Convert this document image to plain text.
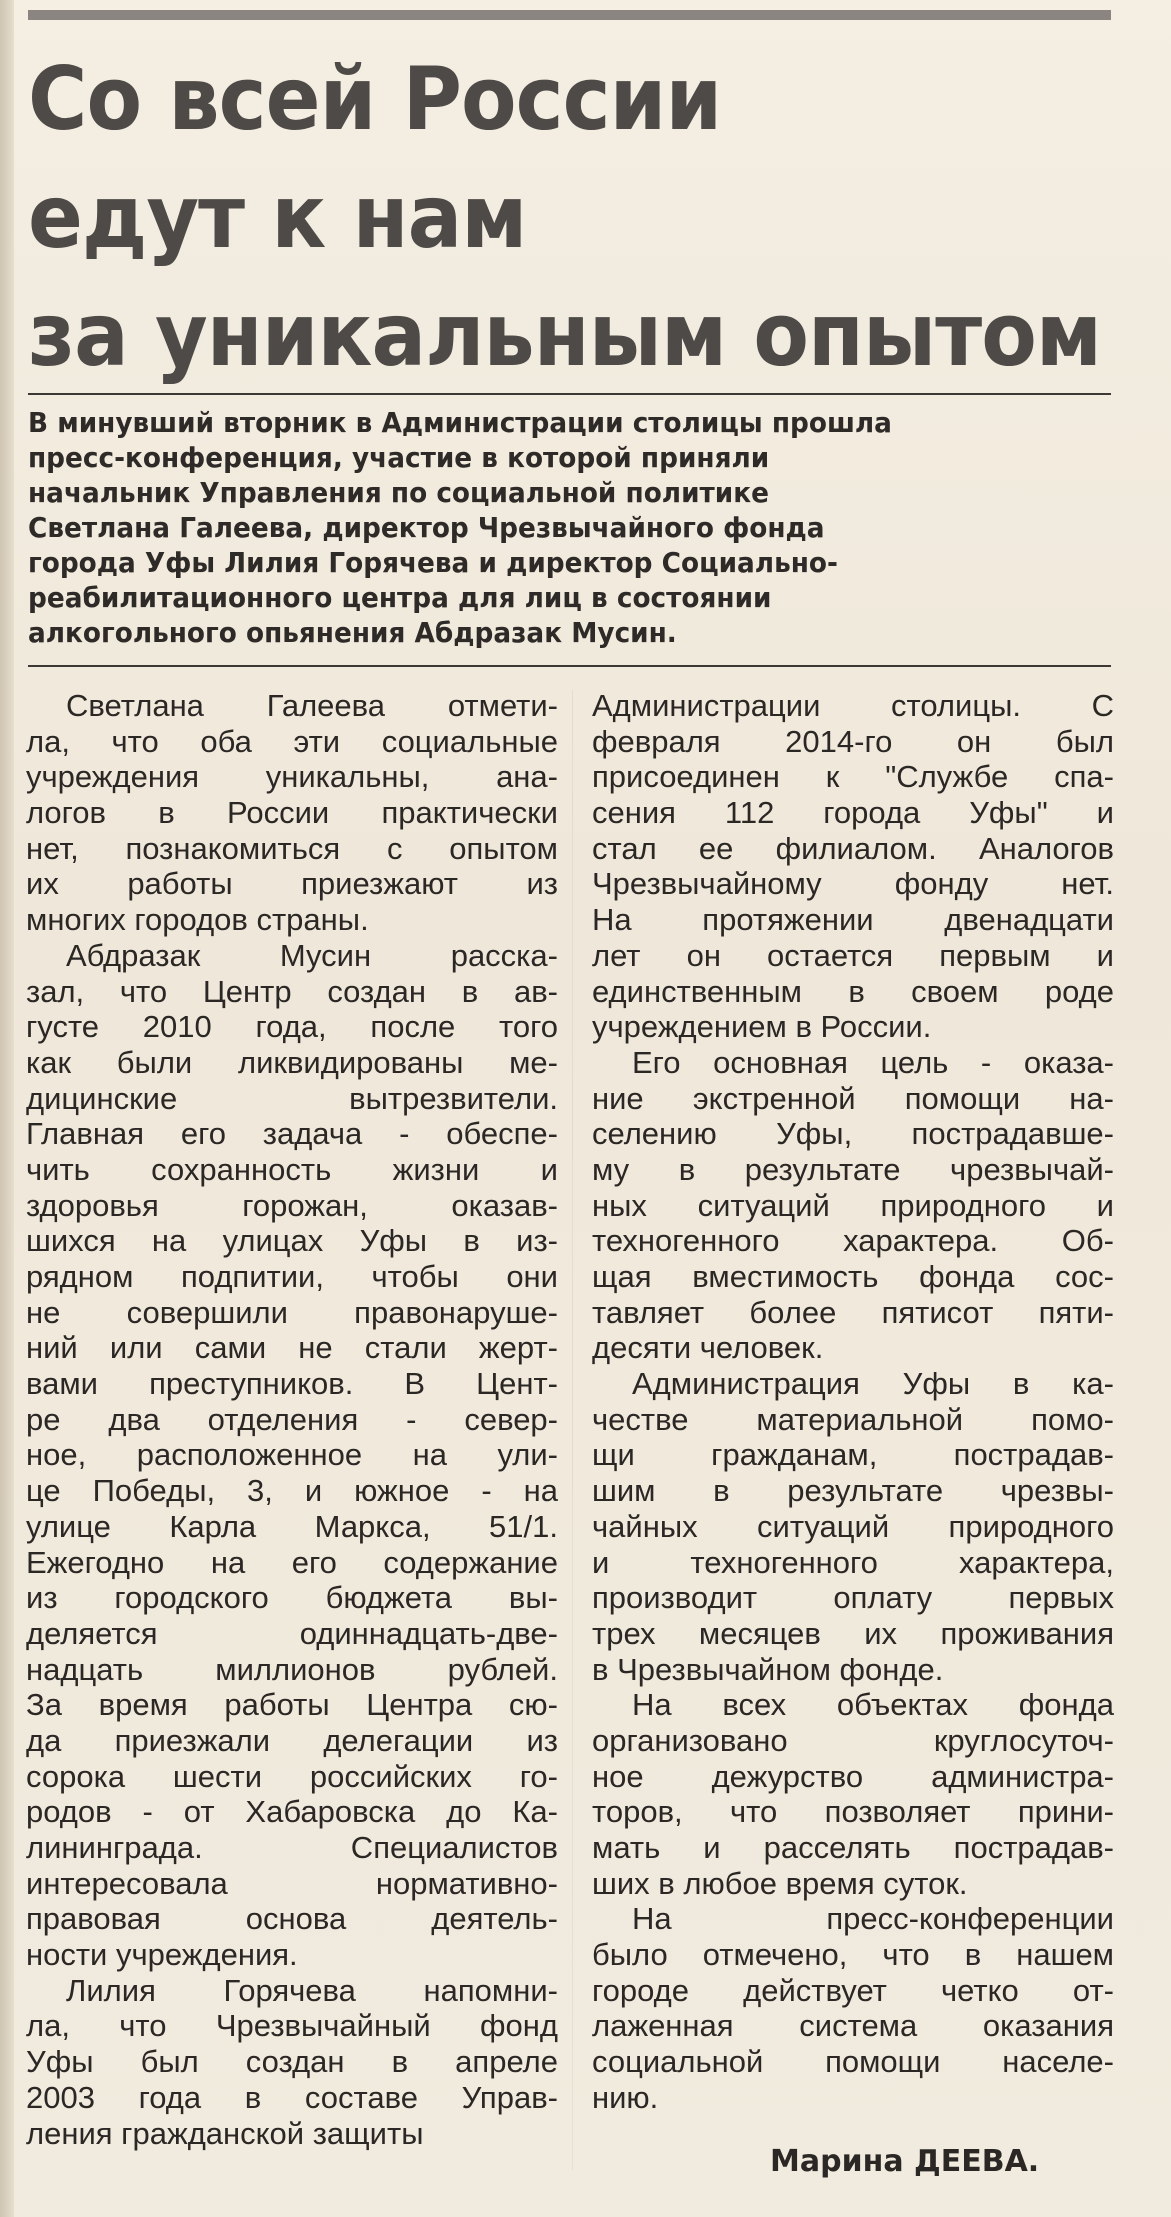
Со всей России
едут к нам
за уникальным опытом
В минувший вторник в Администрации столицы прошла
пресс-конференция, участие в которой приняли
начальник Управления по социальной политике
Светлана Галеева, директор Чрезвычайного фонда
города Уфы Лилия Горячева и директор Социально-
реабилитационного центра для лиц в состоянии
алкогольного опьянения Абдразак Мусин.
Светлана Галеева отмети-
ла, что оба эти социальные
учреждения уникальны, ана-
логов в России практически
нет, познакомиться с опытом
их работы приезжают из
многих городов страны.
Абдразак Мусин расска-
зал, что Центр создан в ав-
густе 2010 года, после того
как были ликвидированы ме-
дицинские вытрезвители.
Главная его задача - обеспе-
чить сохранность жизни и
здоровья горожан, оказав-
шихся на улицах Уфы в из-
рядном подпитии, чтобы они
не совершили правонаруше-
ний или сами не стали жерт-
вами преступников. В Цент-
ре два отделения - север-
ное, расположенное на ули-
це Победы, 3, и южное - на
улице Карла Маркса, 51/1.
Ежегодно на его содержание
из городского бюджета вы-
деляется одиннадцать-две-
надцать миллионов рублей.
За время работы Центра сю-
да приезжали делегации из
сорока шести российских го-
родов - от Хабаровска до Ка-
лининграда. Специалистов
интересовала нормативно-
правовая основа деятель-
ности учреждения.
Лилия Горячева напомни-
ла, что Чрезвычайный фонд
Уфы был создан в апреле
2003 года в составе Управ-
ления гражданской защиты
Администрации столицы. С
февраля 2014-го он был
присоединен к "Службе спа-
сения 112 города Уфы" и
стал ее филиалом. Аналогов
Чрезвычайному фонду нет.
На протяжении двенадцати
лет он остается первым и
единственным в своем роде
учреждением в России.
Его основная цель - оказа-
ние экстренной помощи на-
селению Уфы, пострадавше-
му в результате чрезвычай-
ных ситуаций природного и
техногенного характера. Об-
щая вместимость фонда сос-
тавляет более пятисот пяти-
десяти человек.
Администрация Уфы в ка-
честве материальной помо-
щи гражданам, пострадав-
шим в результате чрезвы-
чайных ситуаций природного
и техногенного характера,
производит оплату первых
трех месяцев их проживания
в Чрезвычайном фонде.
На всех объектах фонда
организовано круглосуточ-
ное дежурство администра-
торов, что позволяет прини-
мать и расселять пострадав-
ших в любое время суток.
На пресс-конференции
было отмечено, что в нашем
городе действует четко от-
лаженная система оказания
социальной помощи населе-
нию.
Марина ДЕЕВА.
